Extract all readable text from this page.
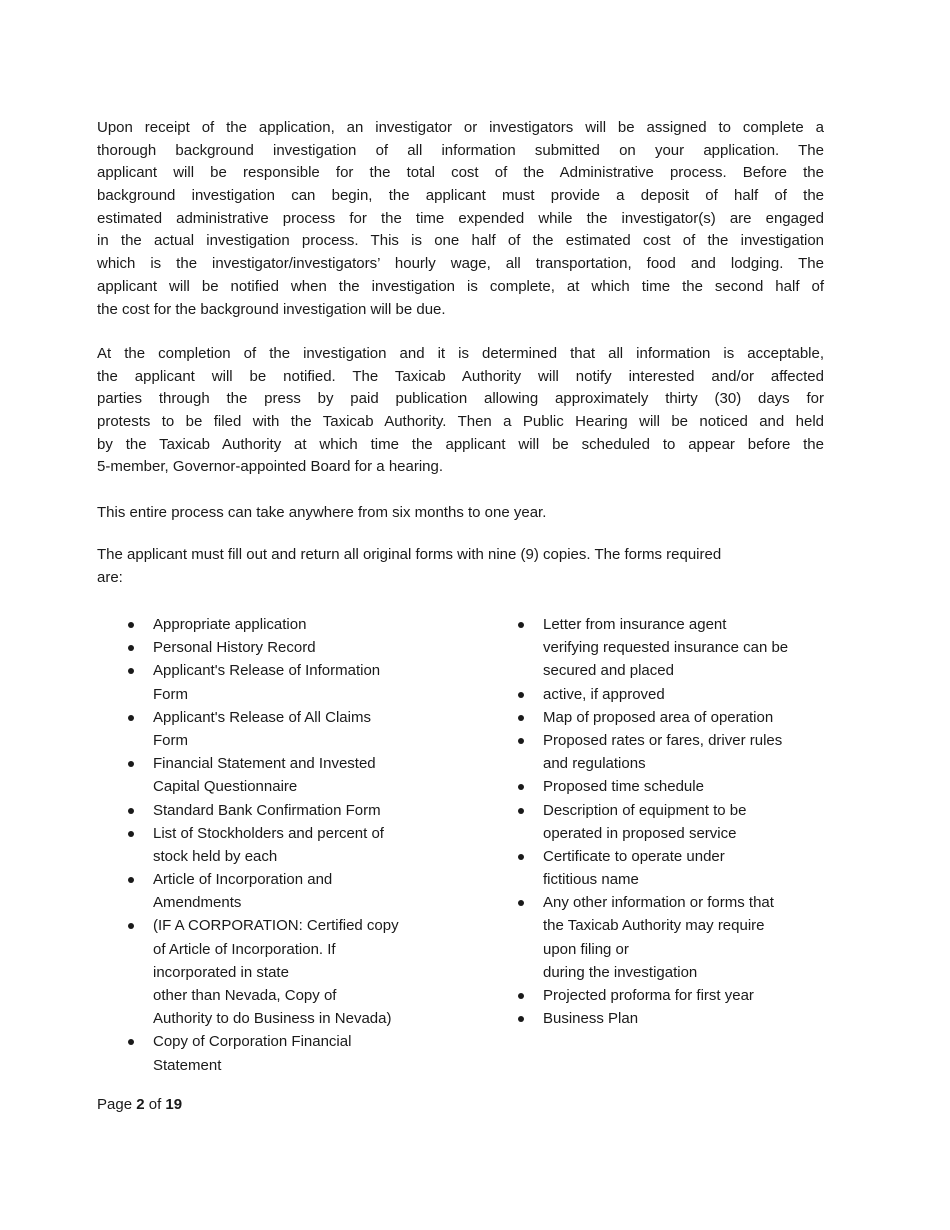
Upon receipt of the application, an investigator or investigators will be assigned to complete a
thorough background investigation of all information submitted on your application. The
applicant will be responsible for the total cost of the Administrative process. Before the
background investigation can begin, the applicant must provide a deposit of half of the
estimated administrative process for the time expended while the investigator(s) are engaged
in the actual investigation process. This is one half of the estimated cost of the investigation
which is the investigator/investigators’ hourly wage, all transportation, food and lodging. The
applicant will be notified when the investigation is complete, at which time the second half of
the cost for the background investigation will be due.
At the completion of the investigation and it is determined that all information is acceptable,
the applicant will be notified. The Taxicab Authority will notify interested and/or affected
parties through the press by paid publication allowing approximately thirty (30) days for
protests to be filed with the Taxicab Authority. Then a Public Hearing will be noticed and held
by the Taxicab Authority at which time the applicant will be scheduled to appear before the
5-member, Governor-appointed Board for a hearing.
This entire process can take anywhere from six months to one year.
The applicant must fill out and return all original forms with nine (9) copies. The forms required
are:
Appropriate application
Personal History Record
Applicant's Release of Information
Form
Applicant's Release of All Claims
Form
Financial Statement and Invested
Capital Questionnaire
Standard Bank Confirmation Form
List of Stockholders and percent of
stock held by each
Article of Incorporation and
Amendments
(IF A CORPORATION: Certified copy
of Article of Incorporation. If
incorporated in state
other than Nevada, Copy of
Authority to do Business in Nevada)
Copy of Corporation Financial
Statement
Letter from insurance agent
verifying requested insurance can be
secured and placed
active, if approved
Map of proposed area of operation
Proposed rates or fares, driver rules
and regulations
Proposed time schedule
Description of equipment to be
operated in proposed service
Certificate to operate under
fictitious name
Any other information or forms that
the Taxicab Authority may require
upon filing or
during the investigation
Projected proforma for first year
Business Plan
Page 2 of 19
